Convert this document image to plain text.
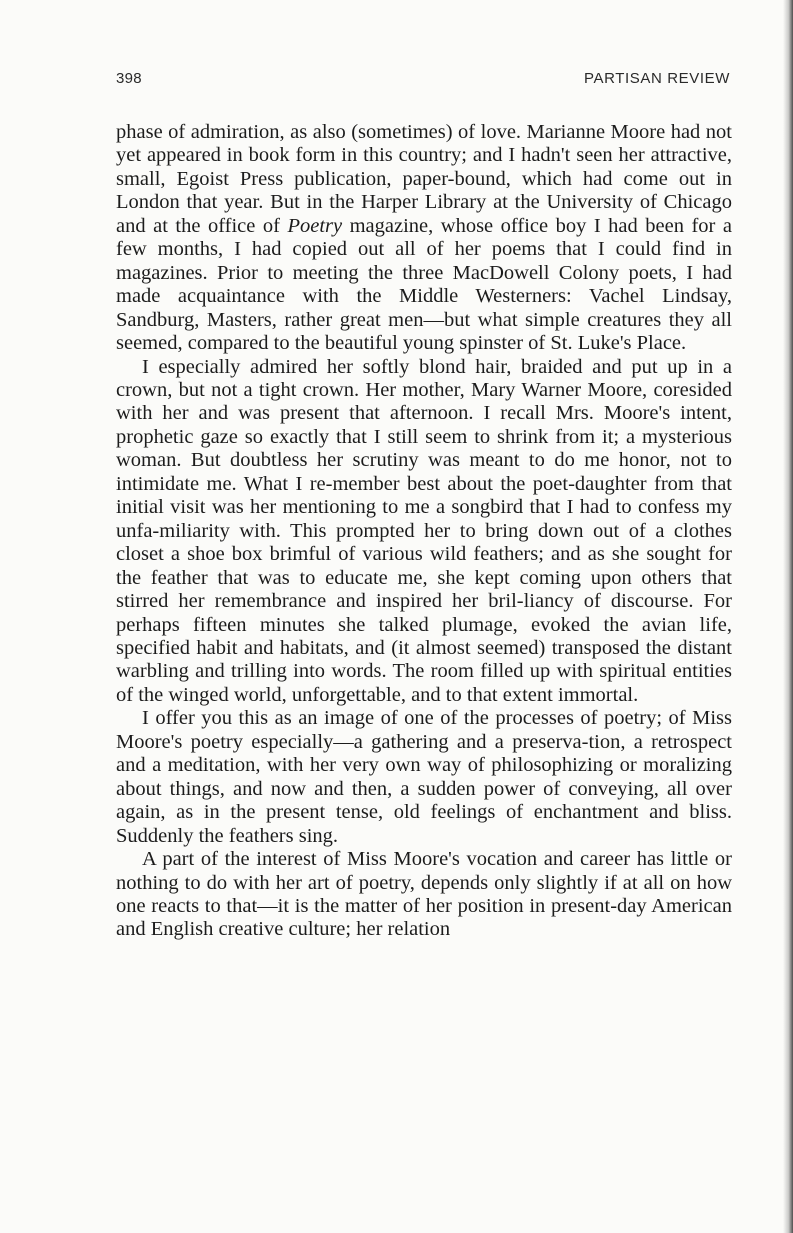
398	PARTISAN REVIEW

phase of admiration, as also (sometimes) of love. Marianne Moore had not yet appeared in book form in this country; and I hadn't seen her attractive, small, Egoist Press publication, paper-bound, which had come out in London that year. But in the Harper Library at the University of Chicago and at the office of Poetry magazine, whose office boy I had been for a few months, I had copied out all of her poems that I could find in magazines. Prior to meeting the three MacDowell Colony poets, I had made acquaintance with the Middle Westerners: Vachel Lindsay, Sandburg, Masters, rather great men—but what simple creatures they all seemed, compared to the beautiful young spinster of St. Luke's Place.

I especially admired her softly blond hair, braided and put up in a crown, but not a tight crown. Her mother, Mary Warner Moore, coresided with her and was present that afternoon. I recall Mrs. Moore's intent, prophetic gaze so exactly that I still seem to shrink from it; a mysterious woman. But doubtless her scrutiny was meant to do me honor, not to intimidate me. What I re-member best about the poet-daughter from that initial visit was her mentioning to me a songbird that I had to confess my unfa-miliarity with. This prompted her to bring down out of a clothes closet a shoe box brimful of various wild feathers; and as she sought for the feather that was to educate me, she kept coming upon others that stirred her remembrance and inspired her bril-liancy of discourse. For perhaps fifteen minutes she talked plumage, evoked the avian life, specified habit and habitats, and (it almost seemed) transposed the distant warbling and trilling into words. The room filled up with spiritual entities of the winged world, unforgettable, and to that extent immortal.

I offer you this as an image of one of the processes of poetry; of Miss Moore's poetry especially—a gathering and a preserva-tion, a retrospect and a meditation, with her very own way of philosophizing or moralizing about things, and now and then, a sudden power of conveying, all over again, as in the present tense, old feelings of enchantment and bliss. Suddenly the feathers sing.

A part of the interest of Miss Moore's vocation and career has little or nothing to do with her art of poetry, depends only slightly if at all on how one reacts to that—it is the matter of her position in present-day American and English creative culture; her relation
